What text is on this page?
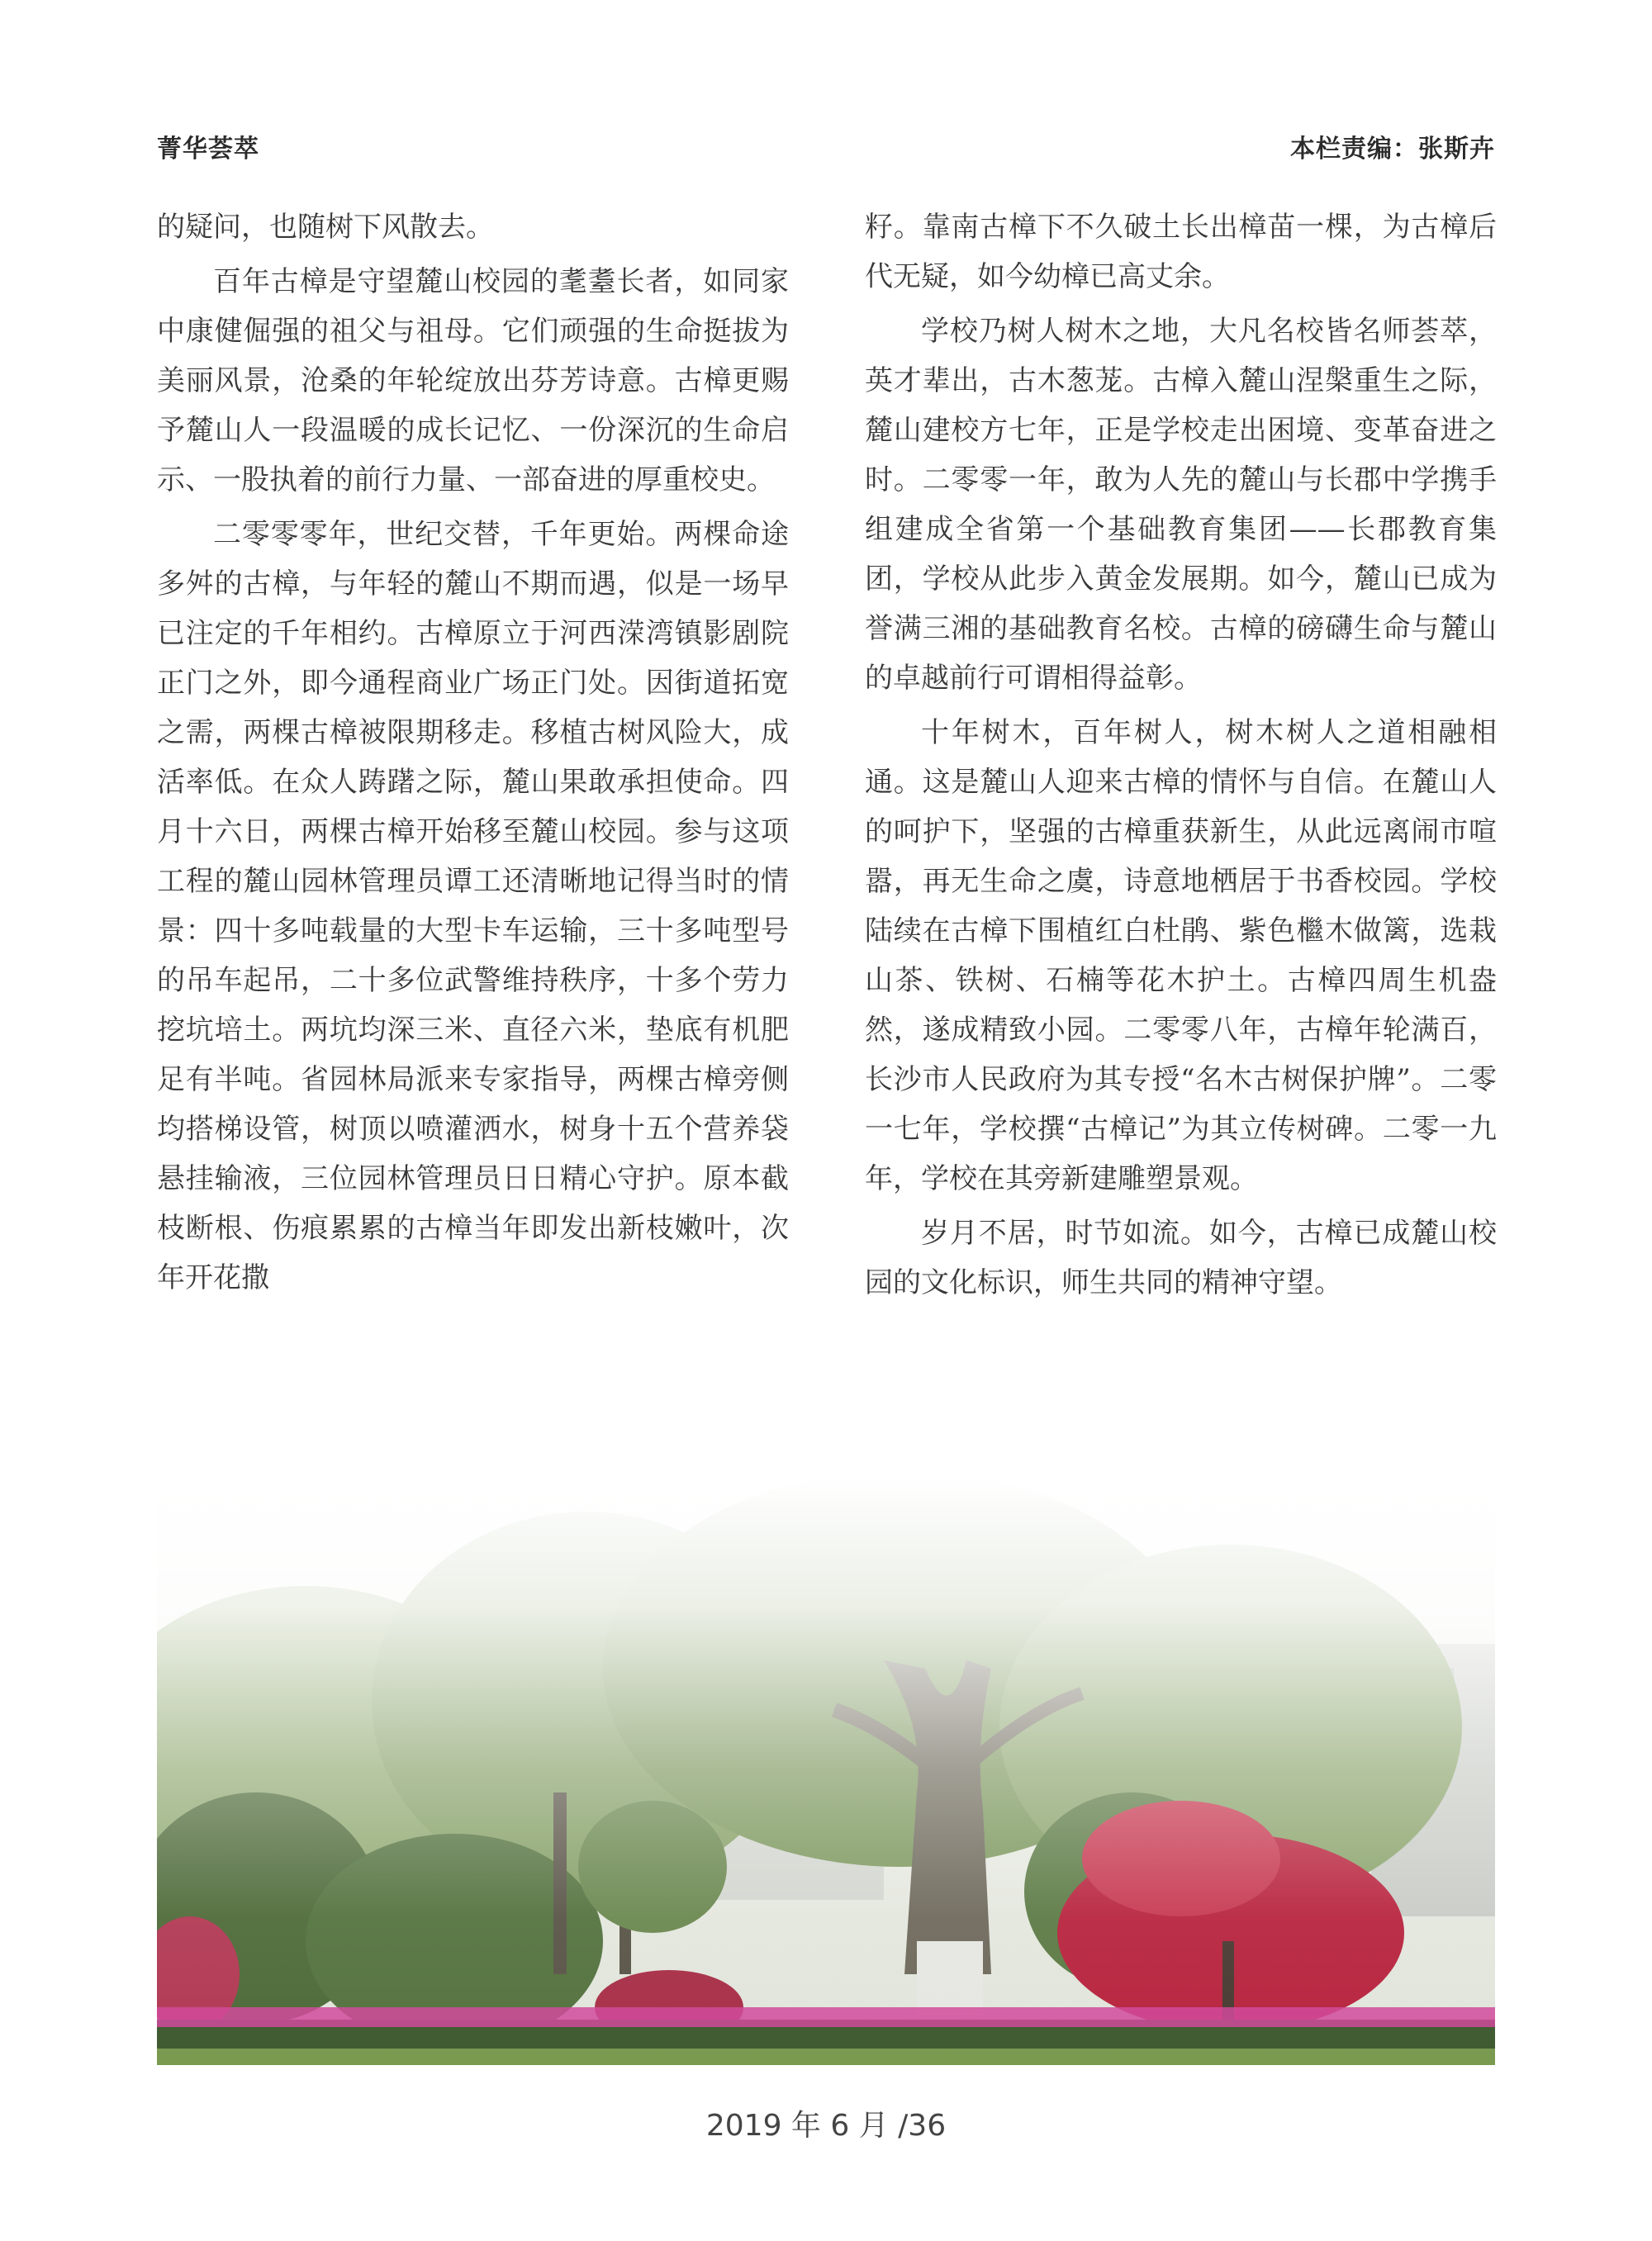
菁华荟萃	本栏责编：张斯卉

的疑问，也随树下风散去。

百年古樟是守望麓山校园的耄耋长者，如同家中康健倔强的祖父与祖母。它们顽强的生命挺拔为美丽风景，沧桑的年轮绽放出芬芳诗意。古樟更赐予麓山人一段温暖的成长记忆、一份深沉的生命启示、一股执着的前行力量、一部奋进的厚重校史。

二零零零年，世纪交替，千年更始。两棵命途多舛的古樟，与年轻的麓山不期而遇，似是一场早已注定的千年相约。古樟原立于河西溁湾镇影剧院正门之外，即今通程商业广场正门处。因街道拓宽之需，两棵古樟被限期移走。移植古树风险大，成活率低。在众人踌躇之际，麓山果敢承担使命。四月十六日，两棵古樟开始移至麓山校园。参与这项工程的麓山园林管理员谭工还清晰地记得当时的情景：四十多吨载量的大型卡车运输，三十多吨型号的吊车起吊，二十多位武警维持秩序，十多个劳力挖坑培土。两坑均深三米、直径六米，垫底有机肥足有半吨。省园林局派来专家指导，两棵古樟旁侧均搭梯设管，树顶以喷灌洒水，树身十五个营养袋悬挂输液，三位园林管理员日日精心守护。原本截枝断根、伤痕累累的古樟当年即发出新枝嫩叶，次年开花撒

籽。靠南古樟下不久破土长出樟苗一棵，为古樟后代无疑，如今幼樟已高丈余。

学校乃树人树木之地，大凡名校皆名师荟萃，英才辈出，古木葱茏。古樟入麓山涅槃重生之际，麓山建校方七年，正是学校走出困境、变革奋进之时。二零零一年，敢为人先的麓山与长郡中学携手组建成全省第一个基础教育集团——长郡教育集团，学校从此步入黄金发展期。如今，麓山已成为誉满三湘的基础教育名校。古樟的磅礴生命与麓山的卓越前行可谓相得益彰。

十年树木，百年树人，树木树人之道相融相通。这是麓山人迎来古樟的情怀与自信。在麓山人的呵护下，坚强的古樟重获新生，从此远离闹市喧嚣，再无生命之虞，诗意地栖居于书香校园。学校陆续在古樟下围植红白杜鹃、紫色檵木做篱，选栽山茶、铁树、石楠等花木护土。古樟四周生机盎然，遂成精致小园。二零零八年，古樟年轮满百，长沙市人民政府为其专授“名木古树保护牌”。二零一七年，学校撰“古樟记”为其立传树碑。二零一九年，学校在其旁新建雕塑景观。

岁月不居，时节如流。如今，古樟已成麓山校园的文化标识，师生共同的精神守望。

2019 年 6 月 /36
